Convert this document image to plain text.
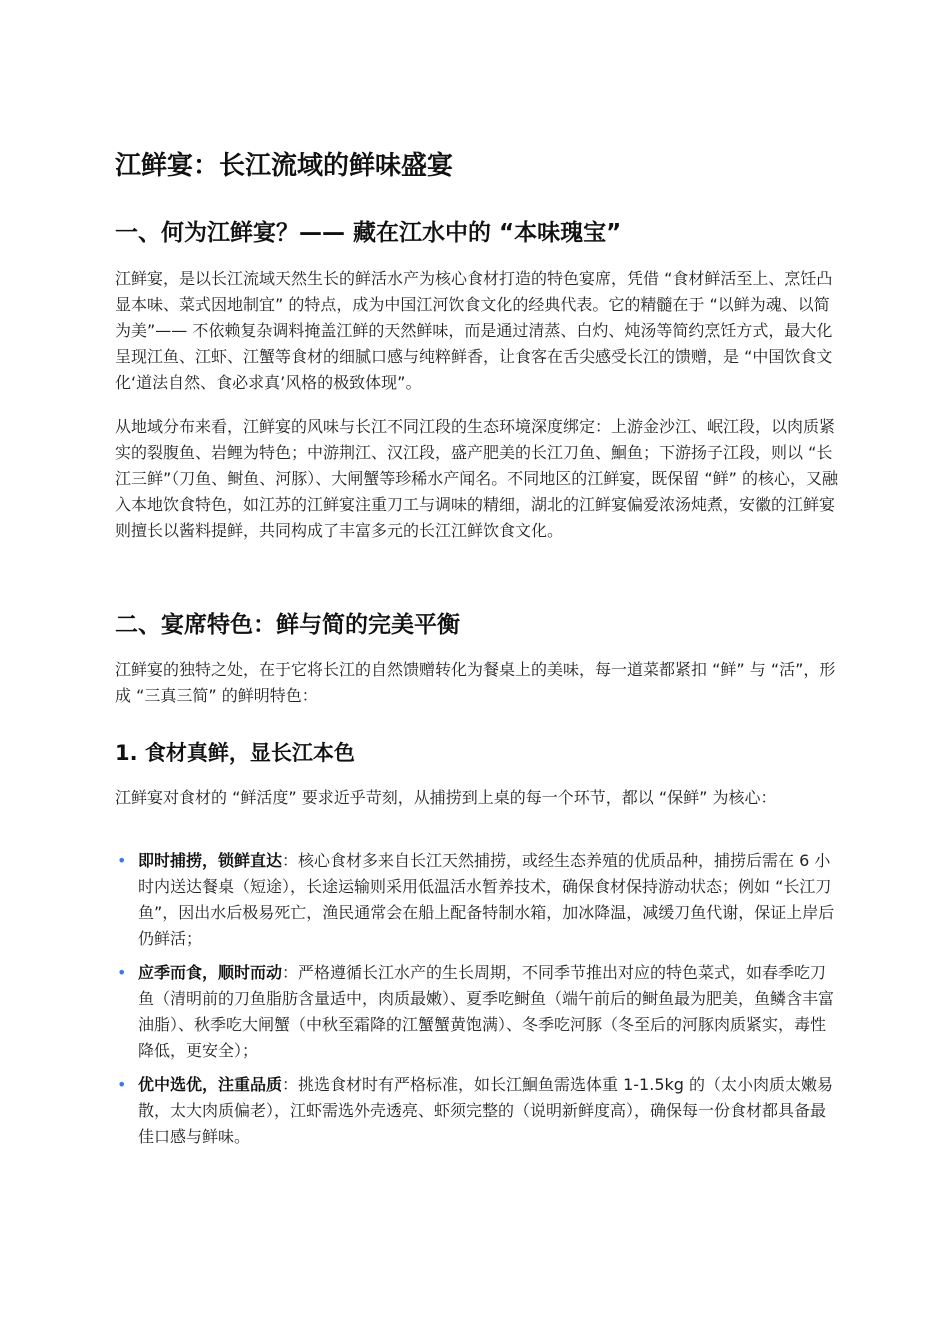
江鲜宴：长江流域的鲜味盛宴
一、何为江鲜宴？—— 藏在江水中的 “本味瑰宝”

江鲜宴，是以长江流域天然生长的鲜活水产为核心食材打造的特色宴席，凭借 “食材鲜活至上、烹饪凸显本味、菜式因地制宜” 的特点，成为中国江河饮食文化的经典代表。它的精髓在于 “以鲜为魂、以简为美”—— 不依赖复杂调料掩盖江鲜的天然鲜味，而是通过清蒸、白灼、炖汤等简约烹饪方式，最大化呈现江鱼、江虾、江蟹等食材的细腻口感与纯粹鲜香，让食客在舌尖感受长江的馈赠，是 “中国饮食文化‘道法自然、食必求真’风格的极致体现”。

从地域分布来看，江鲜宴的风味与长江不同江段的生态环境深度绑定：上游金沙江、岷江段，以肉质紧实的裂腹鱼、岩鲤为特色；中游荆江、汉江段，盛产肥美的长江刀鱼、鮰鱼；下游扬子江段，则以 “长江三鲜”（刀鱼、鲥鱼、河豚）、大闸蟹等珍稀水产闻名。不同地区的江鲜宴，既保留 “鲜” 的核心，又融入本地饮食特色，如江苏的江鲜宴注重刀工与调味的精细，湖北的江鲜宴偏爱浓汤炖煮，安徽的江鲜宴则擅长以酱料提鲜，共同构成了丰富多元的长江江鲜饮食文化。

二、宴席特色：鲜与简的完美平衡

江鲜宴的独特之处，在于它将长江的自然馈赠转化为餐桌上的美味，每一道菜都紧扣 “鲜” 与 “活”，形成 “三真三简” 的鲜明特色：

1. 食材真鲜，显长江本色

江鲜宴对食材的 “鲜活度” 要求近乎苛刻，从捕捞到上桌的每一个环节，都以 “保鲜” 为核心：

• 即时捕捞，锁鲜直达：核心食材多来自长江天然捕捞，或经生态养殖的优质品种，捕捞后需在 6 小时内送达餐桌（短途），长途运输则采用低温活水暂养技术，确保食材保持游动状态；例如 “长江刀鱼”，因出水后极易死亡，渔民通常会在船上配备特制水箱，加冰降温，减缓刀鱼代谢，保证上岸后仍鲜活；
• 应季而食，顺时而动：严格遵循长江水产的生长周期，不同季节推出对应的特色菜式，如春季吃刀鱼（清明前的刀鱼脂肪含量适中，肉质最嫩）、夏季吃鲥鱼（端午前后的鲥鱼最为肥美，鱼鳞含丰富油脂）、秋季吃大闸蟹（中秋至霜降的江蟹蟹黄饱满）、冬季吃河豚（冬至后的河豚肉质紧实，毒性降低，更安全）；
• 优中选优，注重品质：挑选食材时有严格标准，如长江鮰鱼需选体重 1-1.5kg 的（太小肉质太嫩易散，太大肉质偏老），江虾需选外壳透亮、虾须完整的（说明新鲜度高），确保每一份食材都具备最佳口感与鲜味。
